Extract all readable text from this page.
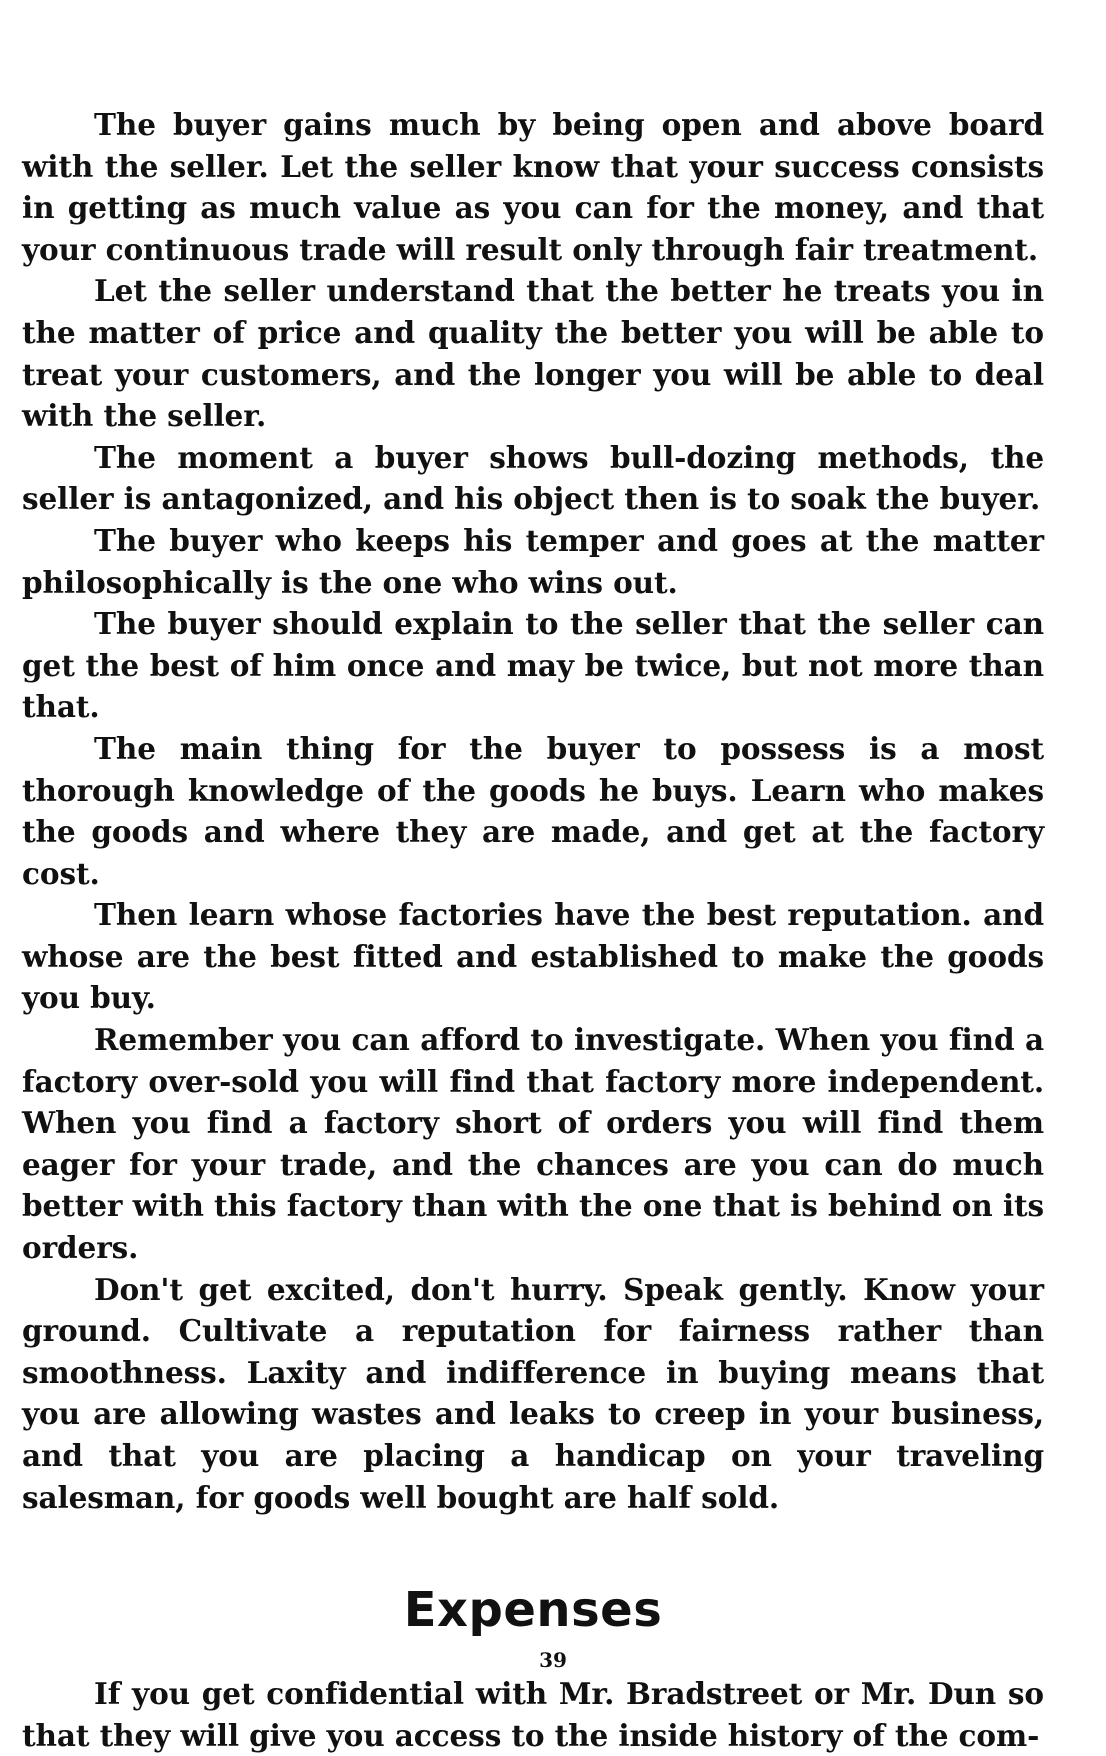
The buyer gains much by being open and above board with the seller. Let the seller know that your success consists in getting as much value as you can for the money, and that your continuous trade will result only through fair treatment.

Let the seller understand that the better he treats you in the matter of price and quality the better you will be able to treat your customers, and the longer you will be able to deal with the seller.

The moment a buyer shows bull-dozing methods, the seller is antagonized, and his object then is to soak the buyer.

The buyer who keeps his temper and goes at the matter philosophically is the one who wins out.

The buyer should explain to the seller that the seller can get the best of him once and may be twice, but not more than that.

The main thing for the buyer to possess is a most thorough knowledge of the goods he buys. Learn who makes the goods and where they are made, and get at the factory cost.

Then learn whose factories have the best reputation. and whose are the best fitted and established to make the goods you buy.

Remember you can afford to investigate. When you find a factory over-sold you will find that factory more independent. When you find a factory short of orders you will find them eager for your trade, and the chances are you can do much better with this factory than with the one that is behind on its orders.

Don't get excited, don't hurry. Speak gently. Know your ground. Cultivate a reputation for fairness rather than smoothness. Laxity and indifference in buying means that you are allowing wastes and leaks to creep in your business, and that you are placing a handicap on your traveling salesman, for goods well bought are half sold.

Expenses

If you get confidential with Mr. Bradstreet or Mr. Dun so that they will give you access to the inside history of the com-

39
